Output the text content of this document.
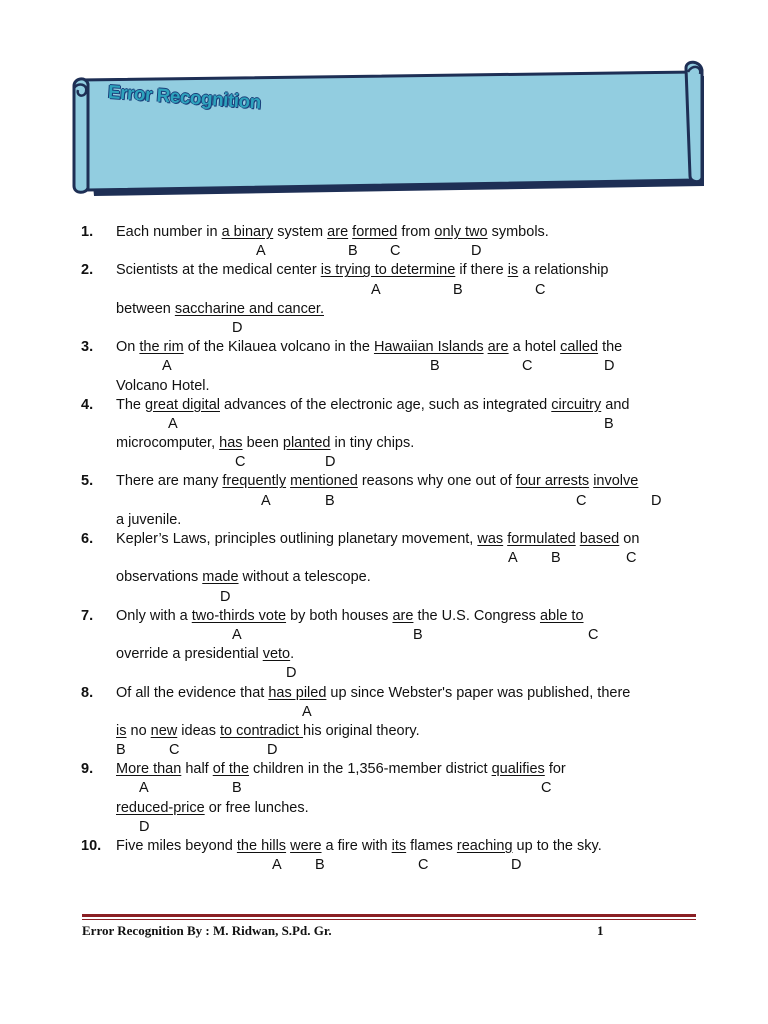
Error Recognition
1. Each number in a binary system are formed from only two symbols.
A	B C	D
2. Scientists at the medical center is trying to determine if there is a relationship
A	B	C
between saccharine and cancer.
D
3. On the rim of the Kilauea volcano in the Hawaiian Islands are a hotel called the
A	B	C	D
Volcano Hotel.
4. The great digital advances of the electronic age, such as integrated circuitry and
A	B
microcomputer, has been planted in tiny chips.
C	D
5. There are many frequently mentioned reasons why one out of four arrests involve
A	B	C	D
a juvenile.
6. Kepler’s Laws, principles outlining planetary movement, was formulated based on
A B	C
observations made without a telescope.
D
7. Only with a two-thirds vote by both houses are the U.S. Congress able to
A	B	C
override a presidential veto.
D
8. Of all the evidence that has piled up since Webster's paper was published, there
A
is no new ideas to contradict his original theory.
B	C	D
9. More than half of the children in the 1,356-member district qualifies for
A	B	C
reduced-price or free lunches.
D
10. Five miles beyond the hills were a fire with its flames reaching up to the sky.
A B	C	D
Error Recognition By : M. Ridwan, S.Pd. Gr.	1
